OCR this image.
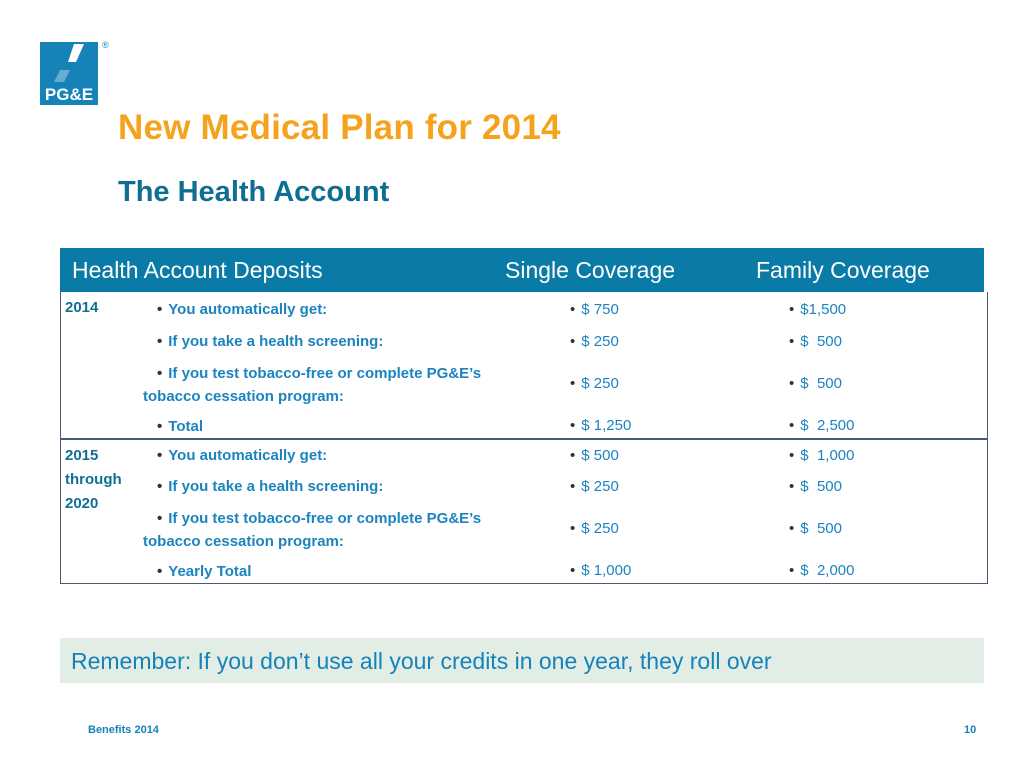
PG&E
®
New Medical Plan for 2014
The Health Account
Health Account Deposits	Single Coverage	Family Coverage
2014	• You automatically get:	• $ 750	• $1,500
• If you take a health screening:	• $ 250	• $  500
• If you test tobacco-free or complete PG&E’s
tobacco cessation program:
• $ 250	• $  500
• Total	• $ 1,250	• $  2,500
2015
through
2020
• You automatically get:	• $ 500	• $  1,000
• If you take a health screening:	• $ 250	• $  500
• If you test tobacco-free or complete PG&E’s
tobacco cessation program:
• $ 250	• $  500
• Yearly Total	• $ 1,000	• $  2,000
Remember: If you don’t use all your credits in one year, they roll over
Benefits 2014	10
